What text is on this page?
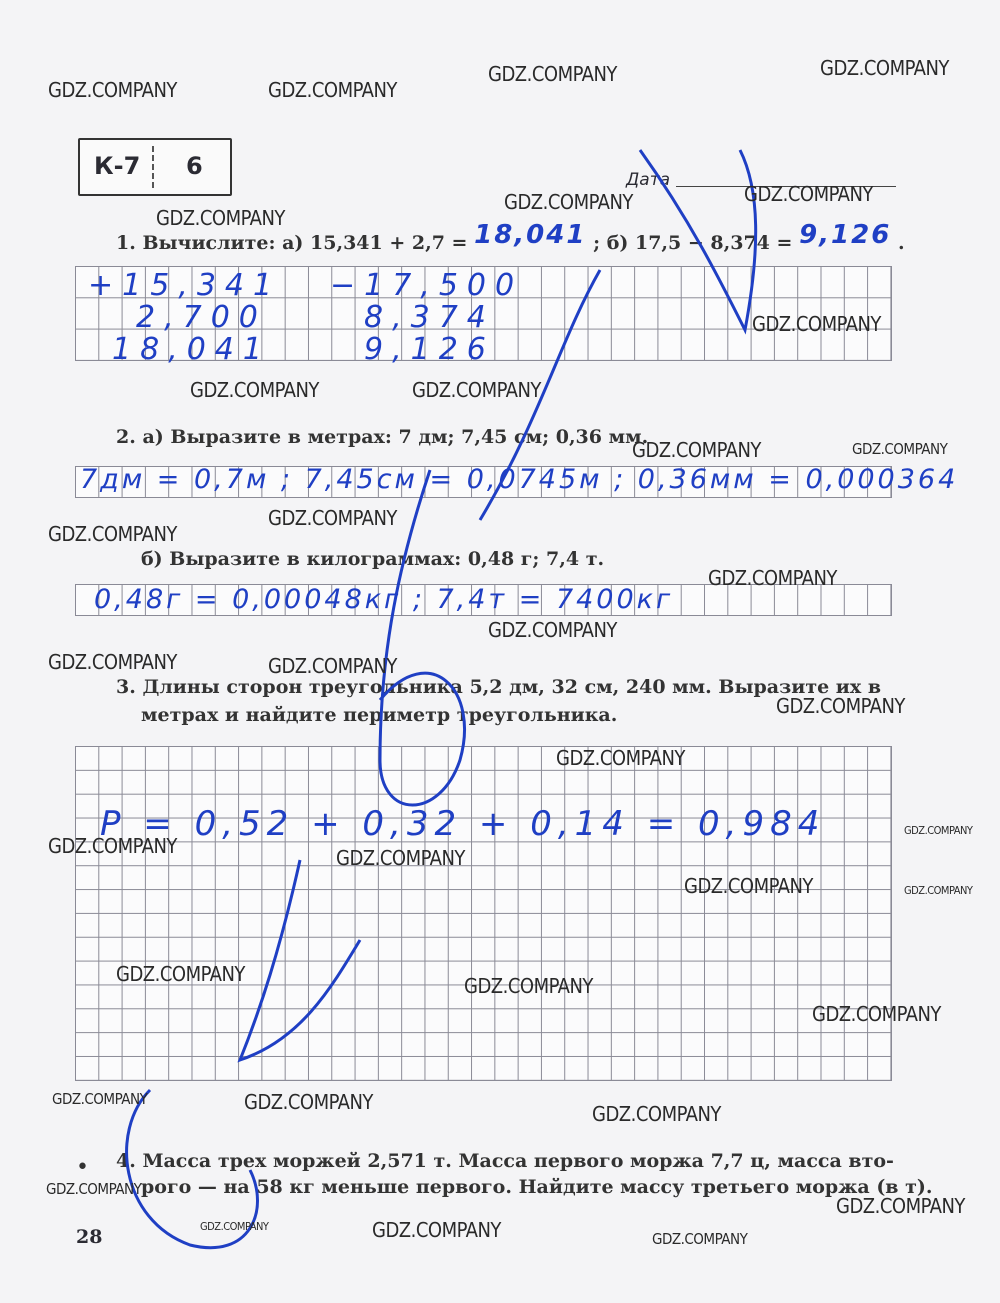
К-7 6	Дата
1. Вычислите: а) 15,341 + 2,7 = 18,041 ; б) 17,5 − 8,374 = 9,126 .
+15,341
2,700
18,041
−17,500
8,374
9,126
2. а) Выразите в метрах: 7 дм; 7,45 см; 0,36 мм.
7дм = 0,7м ; 7,45см = 0,0745м ; 0,36мм = 0,000364
б) Выразите в килограммах: 0,48 г; 7,4 т.
0,48г = 0,00048кг ; 7,4т = 7400кг
3. Длины сторон треугольника 5,2 дм, 32 см, 240 мм. Выразите их в
метрах и найдите периметр треугольника.
P = 0,52 + 0,32 + 0,14 = 0,984
• 4. Масса трех моржей 2,571 т. Масса первого моржа 7,7 ц, масса вто-
рого — на 58 кг меньше первого. Найдите массу третьего моржа (в т).
28
GDZ.COMPANY	GDZ.COMPANY
GDZ.COMPANY	GDZ.COMPANY
GDZ.COMPANY	GDZ.COMPANY
GDZ.COMPANY
GDZ.COMPANY
GDZ.COMPANY	GDZ.COMPANY
GDZ.COMPANY	GDZ.COMPANY
GDZ.COMPANY
GDZ.COMPANY
GDZ.COMPANY
GDZ.COMPANY
GDZ.COMPANY	GDZ.COMPANY
GDZ.COMPANY
GDZ.COMPANY
GDZ.COMPANY
GDZ.COMPANY	GDZ.COMPANY
GDZ.COMPANY	GDZ.COMPANY
GDZ.COMPANY	GDZ.COMPANY
GDZ.COMPANY
GDZ.COMPANY	GDZ.COMPANY	GDZ.COMPANY
GDZ.COMPANY
GDZ.COMPANY
GDZ.COMPANY	GDZ.COMPANY	GDZ.COMPANY
